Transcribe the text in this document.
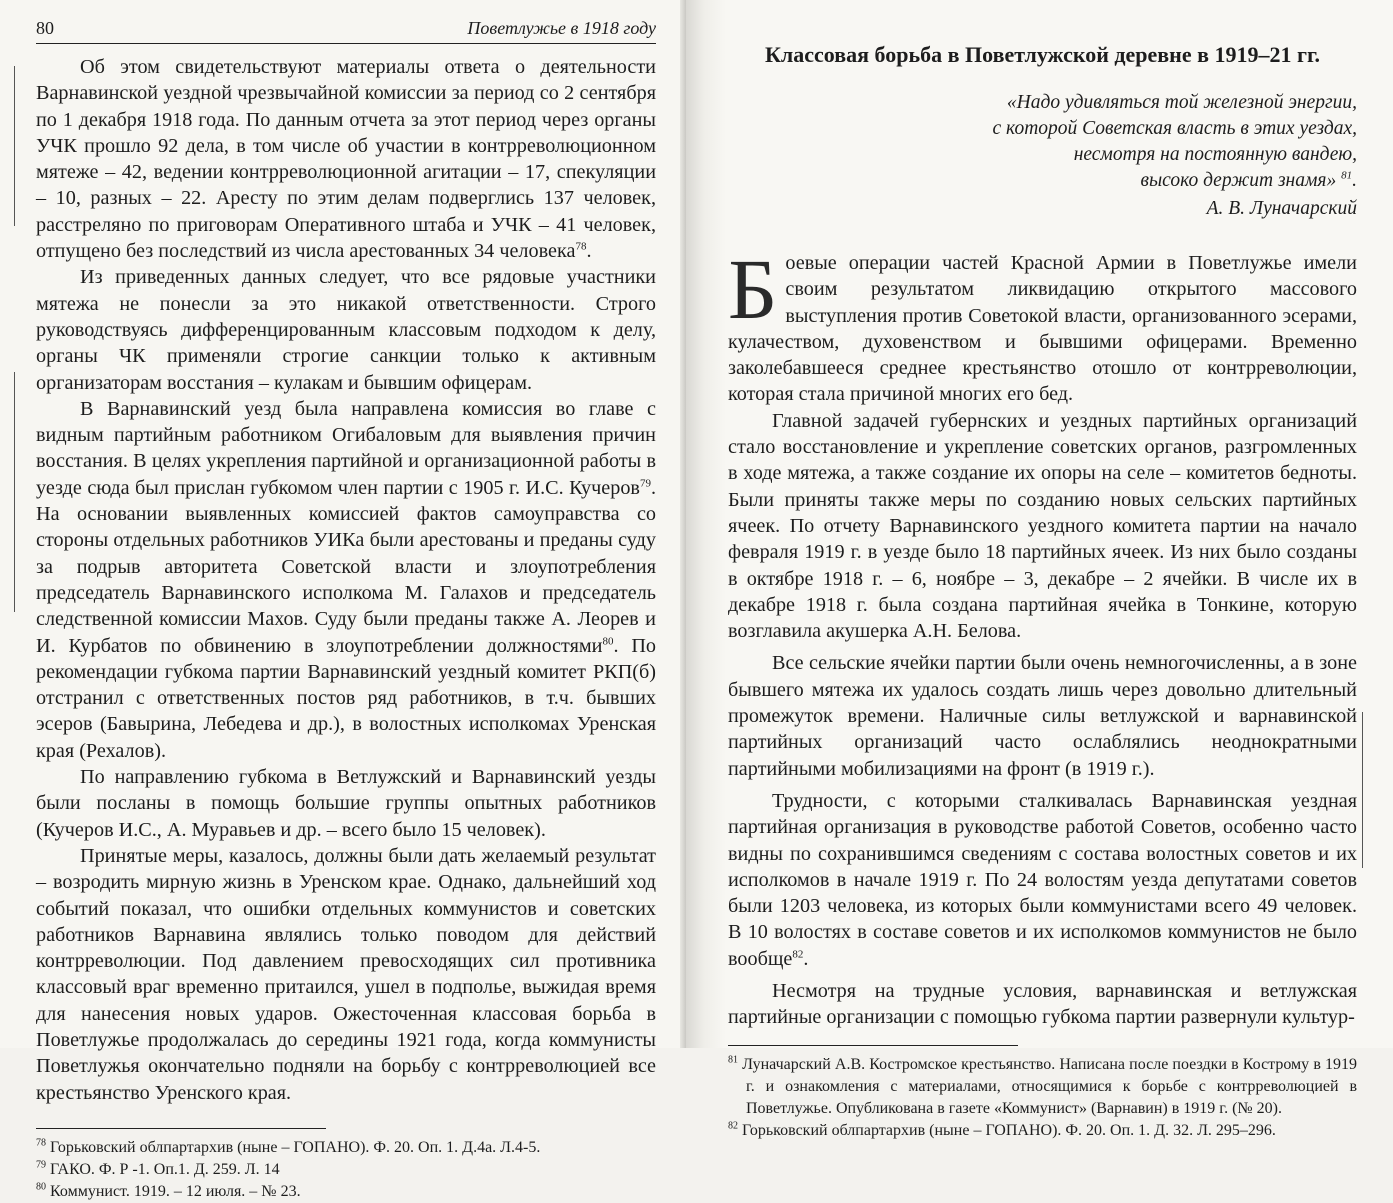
80	Поветлужье в 1918 году

Об этом свидетельствуют материалы ответа о деятельности Варнавинской уездной чрезвычайной комиссии за период со 2 сентября по 1 декабря 1918 года. По данным отчета за этот период через органы УЧК прошло 92 дела, в том числе об участии в контрреволюционном мятеже – 42, ведении контрреволюционной агитации – 17, спекуляции – 10, разных – 22. Аресту по этим делам подверглись 137 человек, расстреляно по приговорам Оперативного штаба и УЧК – 41 человек, отпущено без последствий из числа арестованных 34 человека$^{78}$.

Из приведенных данных следует, что все рядовые участники мятежа не понесли за это никакой ответственности. Строго руководствуясь дифференцированным классовым подходом к делу, органы ЧК применяли строгие санкции только к активным организаторам восстания – кулакам и бывшим офицерам.

В Варнавинский уезд была направлена комиссия во главе с видным партийным работником Огибаловым для выявления причин восстания. В целях укрепления партийной и организационной работы в уезде сюда был прислан губкомом член партии с 1905 г. И.С. Кучеров$^{79}$. На основании выявленных комиссией фактов самоуправства со стороны отдельных работников УИКа были арестованы и преданы суду за подрыв авторитета Советской власти и злоупотребления председатель Варнавинского исполкома М. Галахов и председатель следственной комиссии Махов. Суду были преданы также А. Леорев и И. Курбатов по обвинению в злоупотреблении должностями$^{80}$. По рекомендации губкома партии Варнавинский уездный комитет РКП(б) отстранил с ответственных постов ряд работников, в т.ч. бывших эсеров (Бавырина, Лебедева и др.), в волостных исполкомах Уренская края (Рехалов).

По направлению губкома в Ветлужский и Варнавинский уезды были посланы в помощь большие группы опытных работников (Кучеров И.С., А. Муравьев и др. – всего было 15 человек).

Принятые меры, казалось, должны были дать желаемый результат – возродить мирную жизнь в Уренском крае. Однако, дальнейший ход событий показал, что ошибки отдельных коммунистов и советских работников Варнавина являлись только поводом для действий контрреволюции. Под давлением превосходящих сил противника классовый враг временно притаился, ушел в подполье, выжидая время для нанесения новых ударов. Ожесточенная классовая борьба в Поветлужье продолжалась до середины 1921 года, когда коммунисты Поветлужья окончательно подняли на борьбу с контрреволюцией все крестьянство Уренского края.

$^{78}$ Горьковский облпартархив (ныне – ГОПАНО). Ф. 20. Оп. 1. Д.4а. Л.4-5.

$^{79}$ ГАКО. Ф. Р -1. Оп.1. Д. 259. Л. 14

$^{80}$ Коммунист. 1919. – 12 июля. – № 23.

Классовая борьба в Поветлужской деревне в 1919–21 гг.
«Надо удивляться той железной энергии,
с которой Советская власть в этих уездах,
несмотря на постоянную вандею,
высоко держит знамя» $^{81}$.
А. В. Луначарский

Боевые операции частей Красной Армии в Поветлужье имели своим результатом ликвидацию открытого массового выступления против Советокой власти, организованного эсерами, кулачеством, духовенством и бывшими офицерами. Временно заколебавшееся среднее крестьянство отошло от контрреволюции, которая стала причиной многих его бед.

Главной задачей губернских и уездных партийных организаций стало восстановление и укрепление советских органов, разгромленных в ходе мятежа, а также создание их опоры на селе – комитетов бедноты. Были приняты также меры по созданию новых сельских партийных ячеек. По отчету Варнавинского уездного комитета партии на начало февраля 1919 г. в уезде было 18 партийных ячеек. Из них было созданы в октябре 1918 г. – 6, ноябре – 3, декабре – 2 ячейки. В числе их в декабре 1918 г. была создана партийная ячейка в Тонкине, которую возглавила акушерка А.Н. Белова.

Все сельские ячейки партии были очень немногочисленны, а в зоне бывшего мятежа их удалось создать лишь через довольно длительный промежуток времени. Наличные силы ветлужской и варнавинской партийных организаций часто ослаблялись неоднократными партийными мобилизациями на фронт (в 1919 г.).

Трудности, с которыми сталкивалась Варнавинская уездная партийная организация в руководстве работой Советов, особенно часто видны по сохранившимся сведениям с состава волостных советов и их исполкомов в начале 1919 г. По 24 волостям уезда депутатами советов были 1203 человека, из которых были коммунистами всего 49 человек. В 10 волостях в составе советов и их исполкомов коммунистов не было вообще$^{82}$.

Несмотря на трудные условия, варнавинская и ветлужская партийные организации с помощью губкома партии развернули культур-

$^{81}$ Луначарский А.В. Костромское крестьянство. Написана после поездки в Кострому в 1919 г. и ознакомления с материалами, относящимися к борьбе с контрреволюцией в Поветлужье. Опубликована в газете «Коммунист» (Варнавин) в 1919 г. (№ 20).

$^{82}$ Горьковский облпартархив (ныне – ГОПАНО). Ф. 20. Оп. 1. Д. 32. Л. 295–296.
